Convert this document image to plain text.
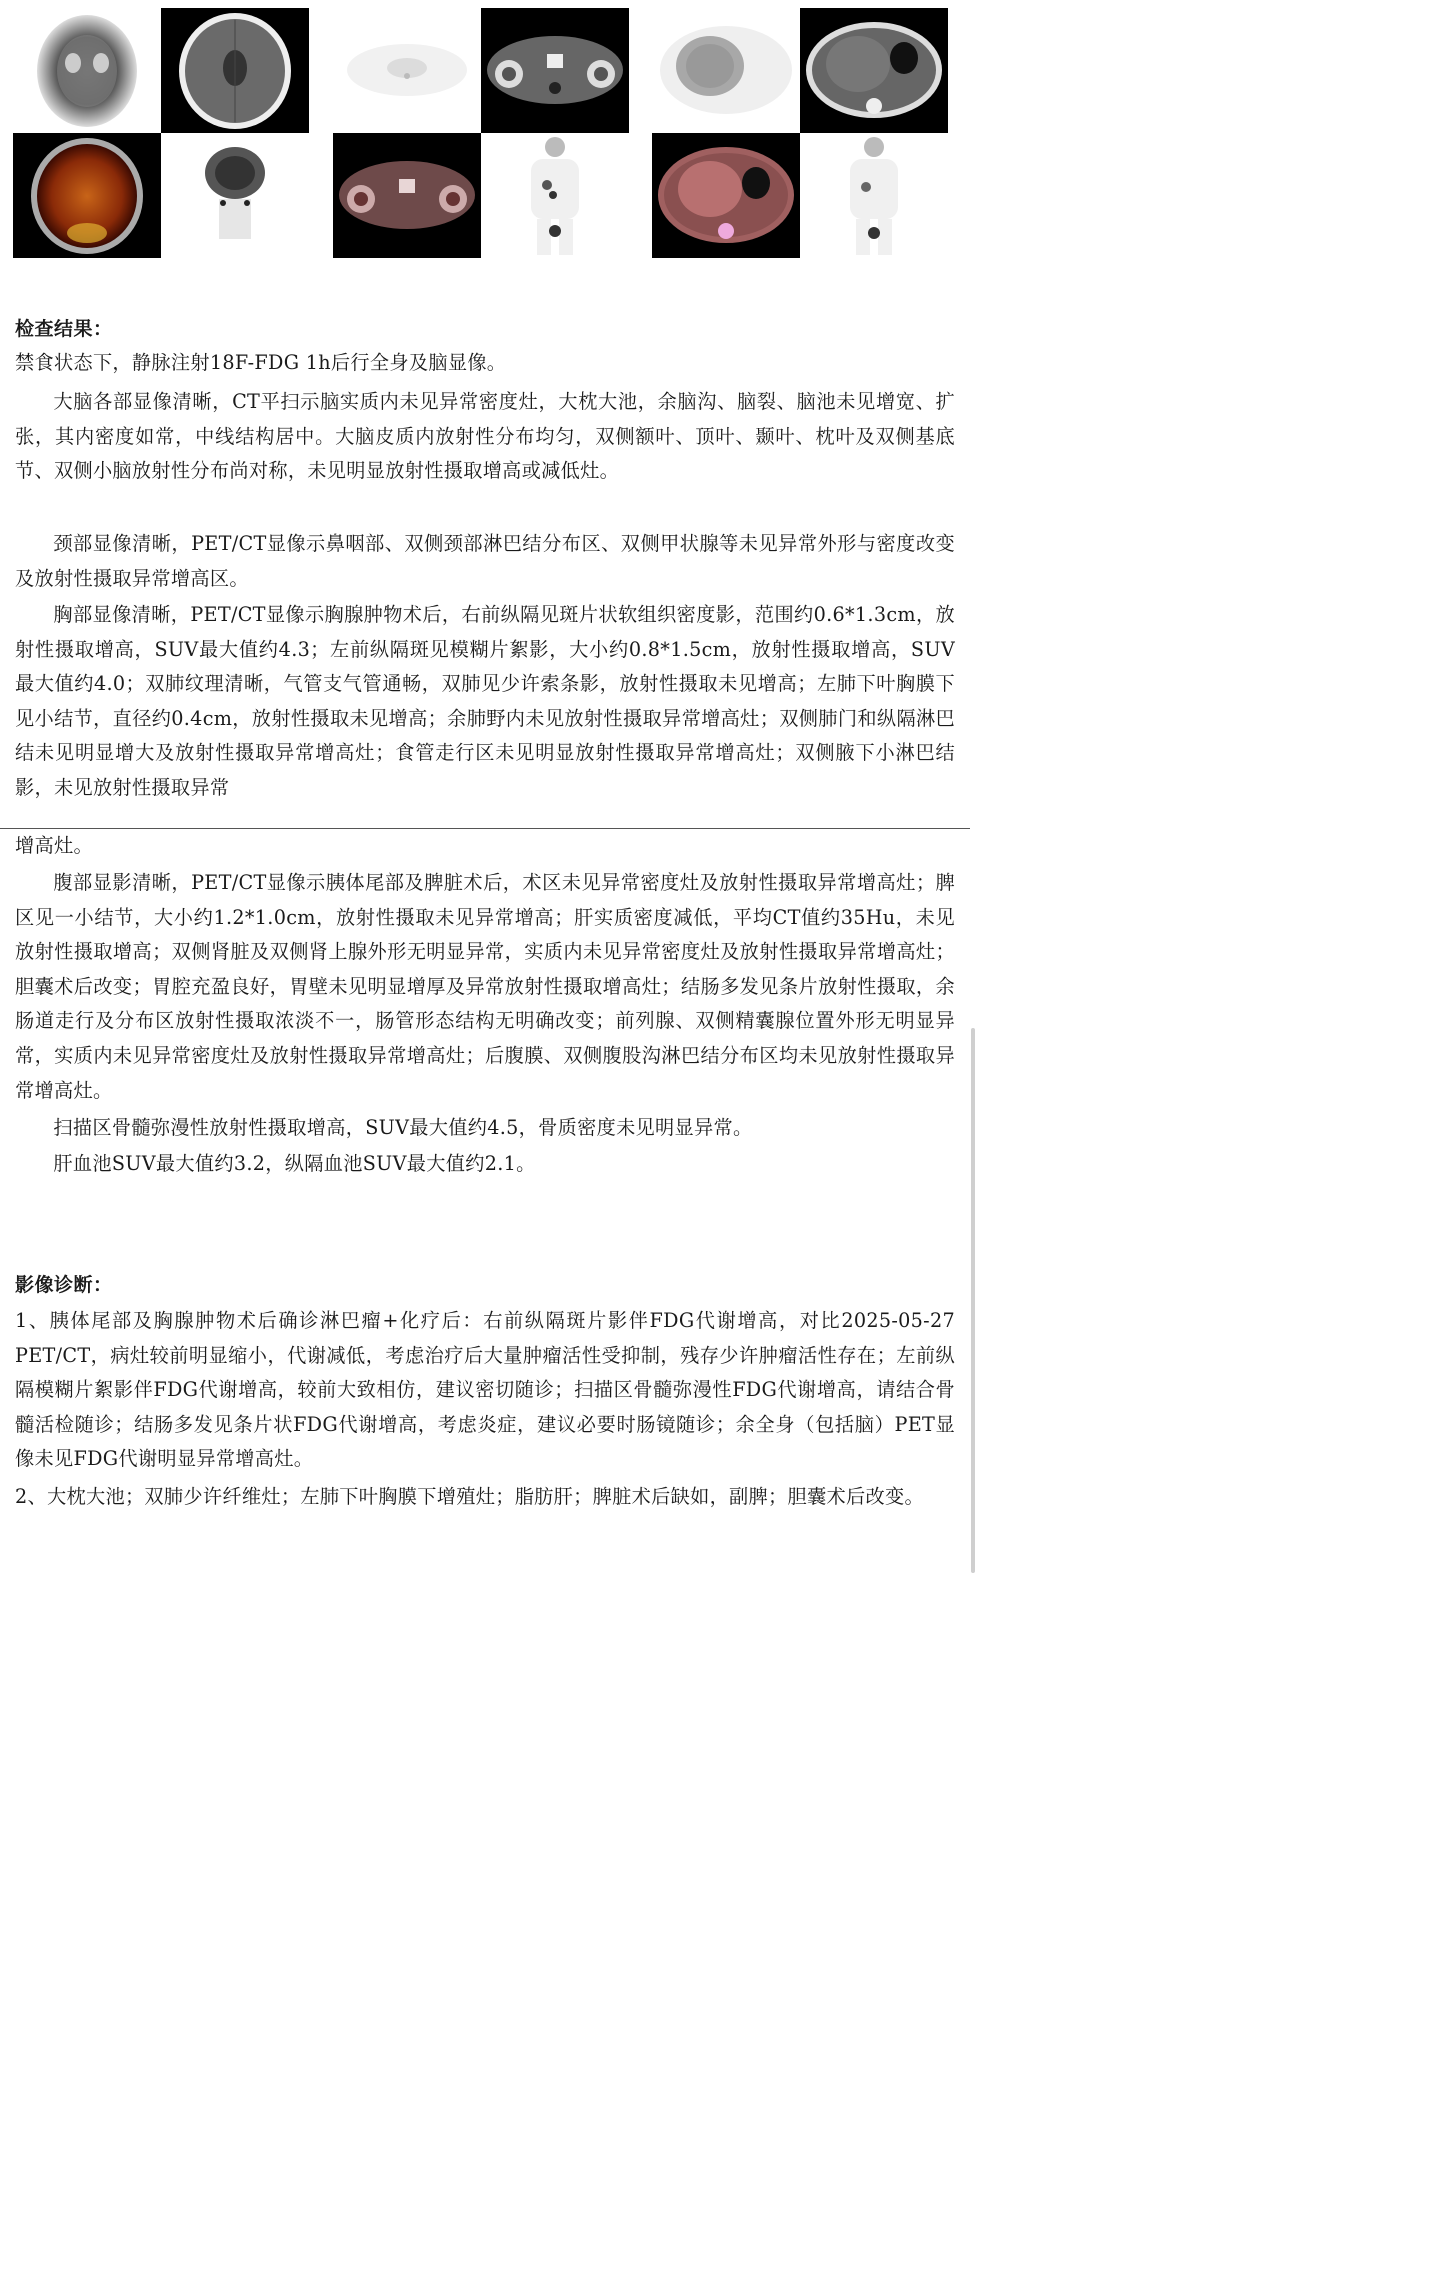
检查结果：
禁食状态下，静脉注射18F-FDG 1h后行全身及脑显像。
大脑各部显像清晰，CT平扫示脑实质内未见异常密度灶，大枕大池，余脑沟、脑裂、脑池未见增宽、扩张，其内密度如常，中线结构居中。大脑皮质内放射性分布均匀，双侧额叶、顶叶、颞叶、枕叶及双侧基底节、双侧小脑放射性分布尚对称，未见明显放射性摄取增高或减低灶。
颈部显像清晰，PET/CT显像示鼻咽部、双侧颈部淋巴结分布区、双侧甲状腺等未见异常外形与密度改变及放射性摄取异常增高区。
胸部显像清晰，PET/CT显像示胸腺肿物术后，右前纵隔见斑片状软组织密度影，范围约0.6*1.3cm，放射性摄取增高，SUV最大值约4.3；左前纵隔斑见模糊片絮影，大小约0.8*1.5cm，放射性摄取增高，SUV最大值约4.0；双肺纹理清晰，气管支气管通畅，双肺见少许索条影，放射性摄取未见增高；左肺下叶胸膜下见小结节，直径约0.4cm，放射性摄取未见增高；余肺野内未见放射性摄取异常增高灶；双侧肺门和纵隔淋巴结未见明显增大及放射性摄取异常增高灶；食管走行区未见明显放射性摄取异常增高灶；双侧腋下小淋巴结影，未见放射性摄取异常
增高灶。
腹部显影清晰，PET/CT显像示胰体尾部及脾脏术后，术区未见异常密度灶及放射性摄取异常增高灶；脾区见一小结节，大小约1.2*1.0cm，放射性摄取未见异常增高；肝实质密度减低，平均CT值约35Hu，未见放射性摄取增高；双侧肾脏及双侧肾上腺外形无明显异常，实质内未见异常密度灶及放射性摄取异常增高灶；胆囊术后改变；胃腔充盈良好，胃壁未见明显增厚及异常放射性摄取增高灶；结肠多发见条片放射性摄取，余肠道走行及分布区放射性摄取浓淡不一，肠管形态结构无明确改变；前列腺、双侧精囊腺位置外形无明显异常，实质内未见异常密度灶及放射性摄取异常增高灶；后腹膜、双侧腹股沟淋巴结分布区均未见放射性摄取异常增高灶。
扫描区骨髓弥漫性放射性摄取增高，SUV最大值约4.5，骨质密度未见明显异常。
肝血池SUV最大值约3.2，纵隔血池SUV最大值约2.1。
影像诊断：
1、胰体尾部及胸腺肿物术后确诊淋巴瘤+化疗后：右前纵隔斑片影伴FDG代谢增高，对比2025-05-27 PET/CT，病灶较前明显缩小，代谢减低，考虑治疗后大量肿瘤活性受抑制，残存少许肿瘤活性存在；左前纵隔模糊片絮影伴FDG代谢增高，较前大致相仿，建议密切随诊；扫描区骨髓弥漫性FDG代谢增高，请结合骨髓活检随诊；结肠多发见条片状FDG代谢增高，考虑炎症，建议必要时肠镜随诊；余全身（包括脑）PET显像未见FDG代谢明显异常增高灶。
2、大枕大池；双肺少许纤维灶；左肺下叶胸膜下增殖灶；脂肪肝；脾脏术后缺如，副脾；胆囊术后改变。
